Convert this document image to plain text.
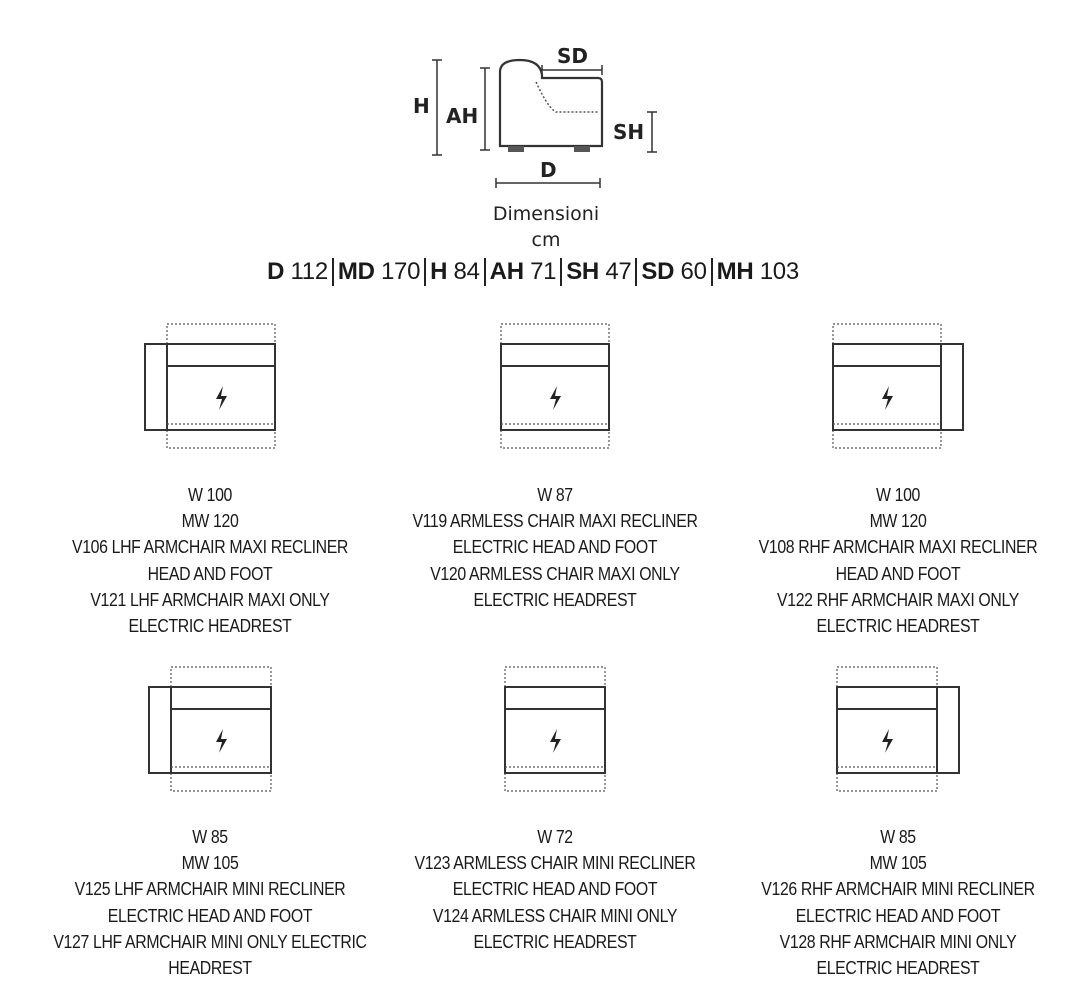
H AH
SD
SH
D
Dimensioni
cm
D 112 MD 170 H 84 AH 71 SH 47 SD 60 MH 103
W 100
MW 120
V106 LHF ARMCHAIR MAXI RECLINER
HEAD AND FOOT
V121 LHF ARMCHAIR MAXI ONLY
ELECTRIC HEADREST
W 87
V119 ARMLESS CHAIR MAXI RECLINER
ELECTRIC HEAD AND FOOT
V120 ARMLESS CHAIR MAXI ONLY
ELECTRIC HEADREST
W 100
MW 120
V108 RHF ARMCHAIR MAXI RECLINER
HEAD AND FOOT
V122 RHF ARMCHAIR MAXI ONLY
ELECTRIC HEADREST
W 85
MW 105
V125 LHF ARMCHAIR MINI RECLINER
ELECTRIC HEAD AND FOOT
V127 LHF ARMCHAIR MINI ONLY ELECTRIC
HEADREST
W 72
V123 ARMLESS CHAIR MINI RECLINER
ELECTRIC HEAD AND FOOT
V124 ARMLESS CHAIR MINI ONLY
ELECTRIC HEADREST
W 85
MW 105
V126 RHF ARMCHAIR MINI RECLINER
ELECTRIC HEAD AND FOOT
V128 RHF ARMCHAIR MINI ONLY
ELECTRIC HEADREST
